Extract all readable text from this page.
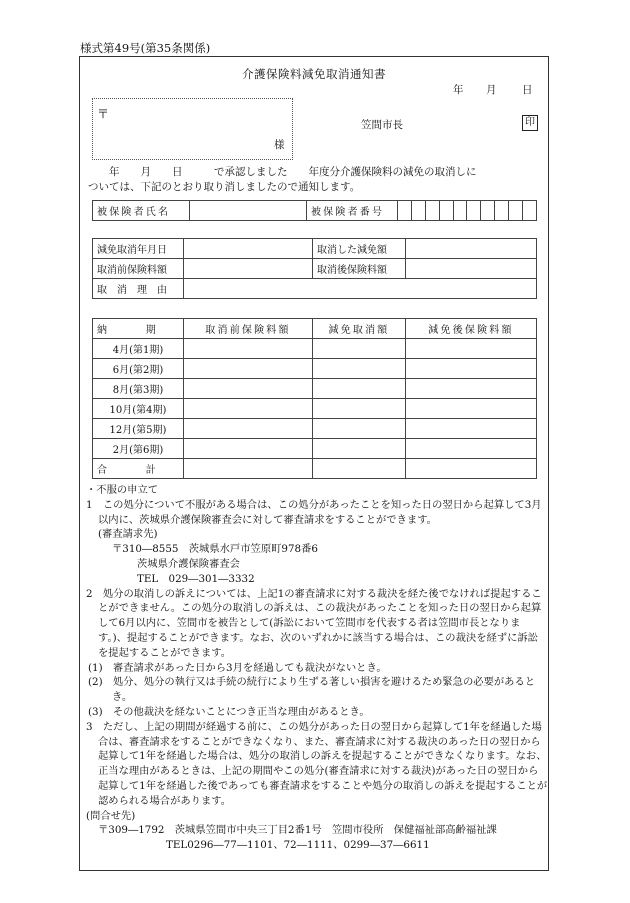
様式第49号(第35条関係)
介護保険料減免取消通知書
年 月 日
〒
様
笠間市長	印
　　年　　月　　日　　　で承認しました　　年度分介護保険料の減免の取消しに
ついては、下記のとおり取り消しましたので通知します。
被保険者氏名		被保険者番号										
減免取消年月日		取消した減免額	
取消前保険料額		取消後保険料額	
取　消　理　由			
納　　　期	取消前保険料額	減免取消額	減免後保険料額
4月(第1期)			
6月(第2期)			
8月(第3期)			
10月(第4期)			
12月(第5期)			
2月(第6期)			
合　　　計			

・不服の申立て

1　この処分について不服がある場合は、この処分があったことを知った日の翌日から起算して3月以内に、茨城県介護保険審査会に対して審査請求をすることができます。

(審査請求先)

〒310―8555　茨城県水戸市笠原町978番6

茨城県介護保険審査会

TEL　029―301―3332

2　処分の取消しの訴えについては、上記1の審査請求に対する裁決を経た後でなければ提起することができません。この処分の取消しの訴えは、この裁決があったことを知った日の翌日から起算して6月以内に、笠間市を被告として(訴訟において笠間市を代表する者は笠間市長となります。)、提起することができます。なお、次のいずれかに該当する場合は、この裁決を経ずに訴訟を提起することができます。

(1)　審査請求があった日から3月を経過しても裁決がないとき。

(2)　処分、処分の執行又は手続の続行により生ずる著しい損害を避けるため緊急の必要があるとき。

(3)　その他裁決を経ないことにつき正当な理由があるとき。

3　ただし、上記の期間が経過する前に、この処分があった日の翌日から起算して1年を経過した場合は、審査請求をすることができなくなり、また、審査請求に対する裁決のあった日の翌日から起算して1年を経過した場合は、処分の取消しの訴えを提起することができなくなります。なお、正当な理由があるときは、上記の期間やこの処分(審査請求に対する裁決)があった日の翌日から起算して1年を経過した後であっても審査請求をすることや処分の取消しの訴えを提起することが認められる場合があります。

(問合せ先)

〒309―1792　茨城県笠間市中央三丁目2番1号　笠間市役所　保健福祉部高齢福祉課

TEL0296―77―1101、72―1111、0299―37―6611
